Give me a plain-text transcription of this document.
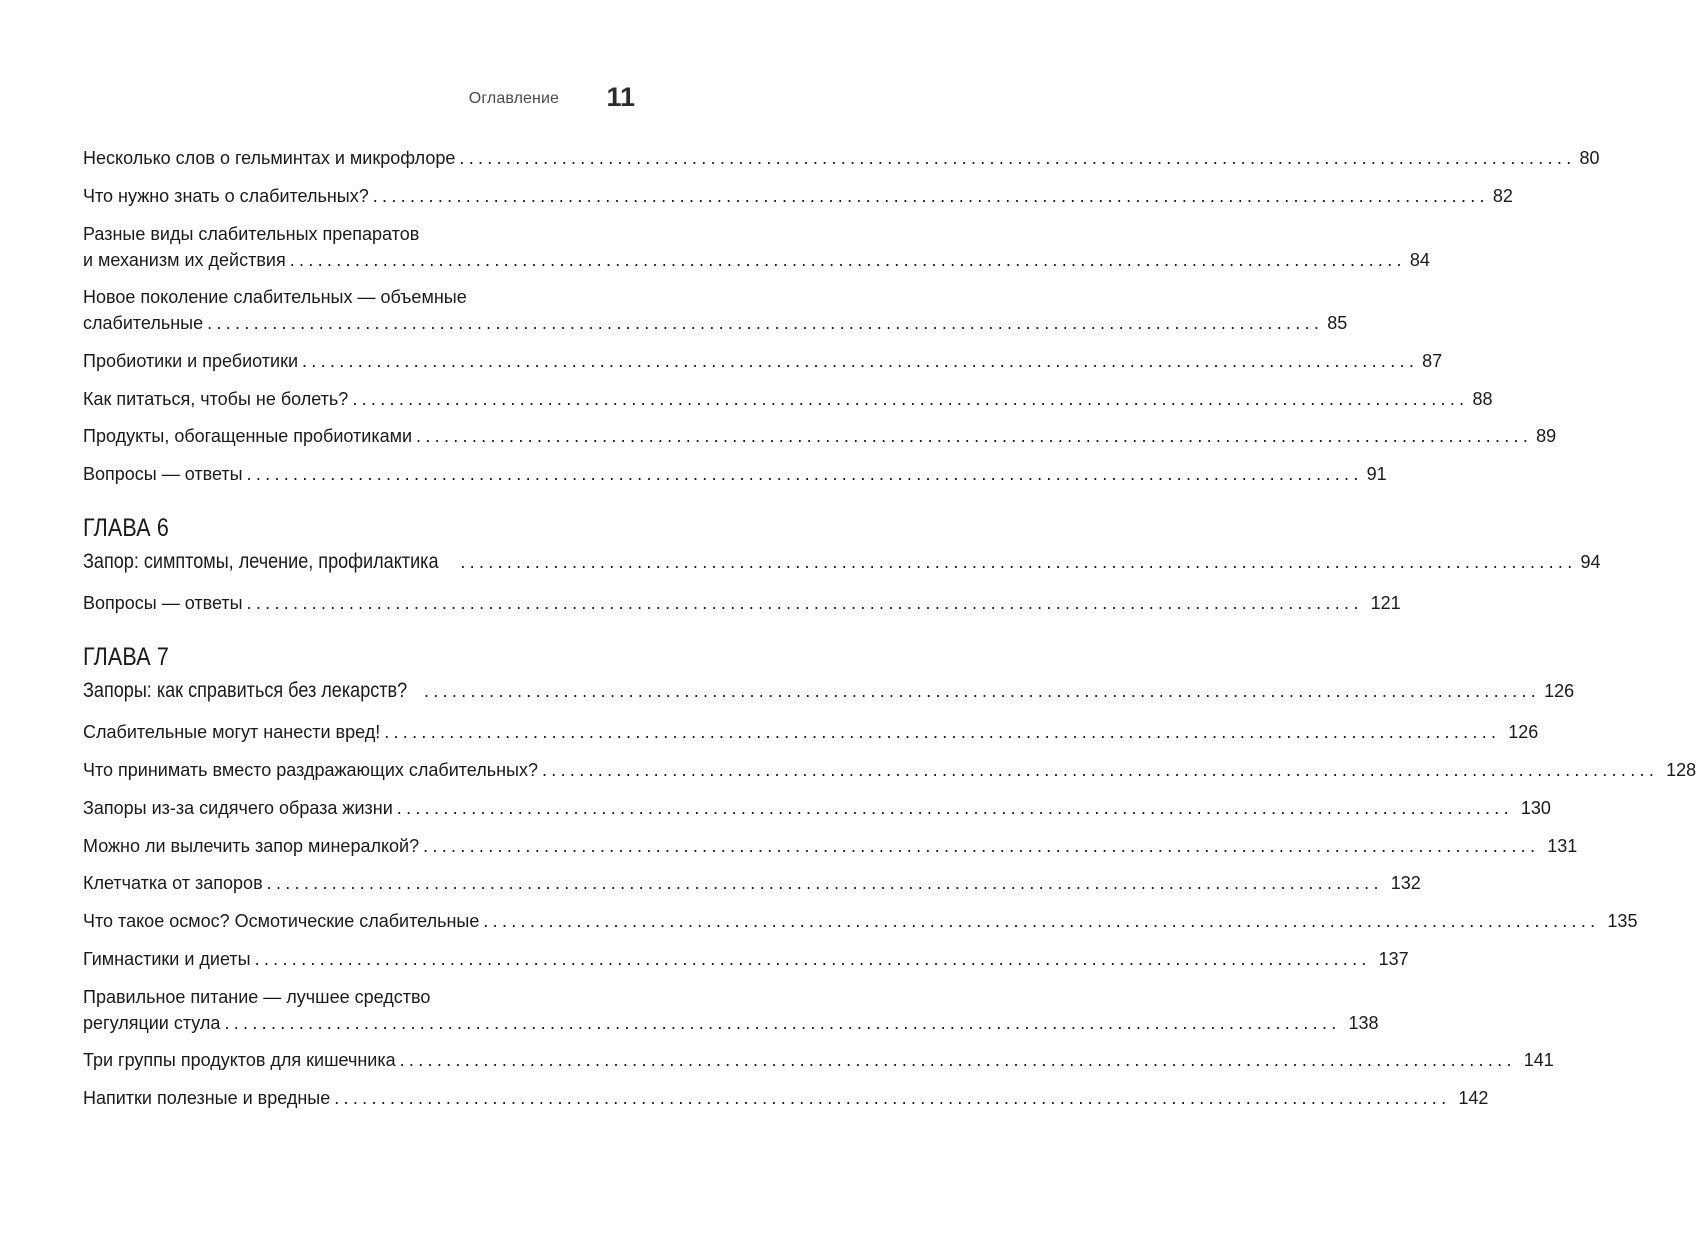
Оглавление 11
Несколько слов о гельминтах и микрофлоре ........................................................................................................................ 80
Что нужно знать о слабительных? ........................................................................................................................ 82
Разные виды слабительных препаратов
и механизм их действия ........................................................................................................................ 84
Новое поколение слабительных — объемные
слабительные ........................................................................................................................ 85
Пробиотики и пребиотики ........................................................................................................................ 87
Как питаться, чтобы не болеть? ........................................................................................................................ 88
Продукты, обогащенные пробиотиками ........................................................................................................................ 89
Вопросы — ответы ........................................................................................................................ 91
ГЛАВА 6
Запор: симптомы, лечение, профилактика ........................................................................................................................ 94
Вопросы — ответы ........................................................................................................................ 121
ГЛАВА 7
Запоры: как справиться без лекарств? ........................................................................................................................ 126
Слабительные могут нанести вред! ........................................................................................................................ 126
Что принимать вместо раздражающих слабительных? ........................................................................................................................ 128
Запоры из-за сидячего образа жизни ........................................................................................................................ 130
Можно ли вылечить запор минералкой? ........................................................................................................................ 131
Клетчатка от запоров ........................................................................................................................ 132
Что такое осмос? Осмотические слабительные ........................................................................................................................ 135
Гимнастики и диеты ........................................................................................................................ 137
Правильное питание — лучшее средство
регуляции стула ........................................................................................................................ 138
Три группы продуктов для кишечника ........................................................................................................................ 141
Напитки полезные и вредные ........................................................................................................................ 142
